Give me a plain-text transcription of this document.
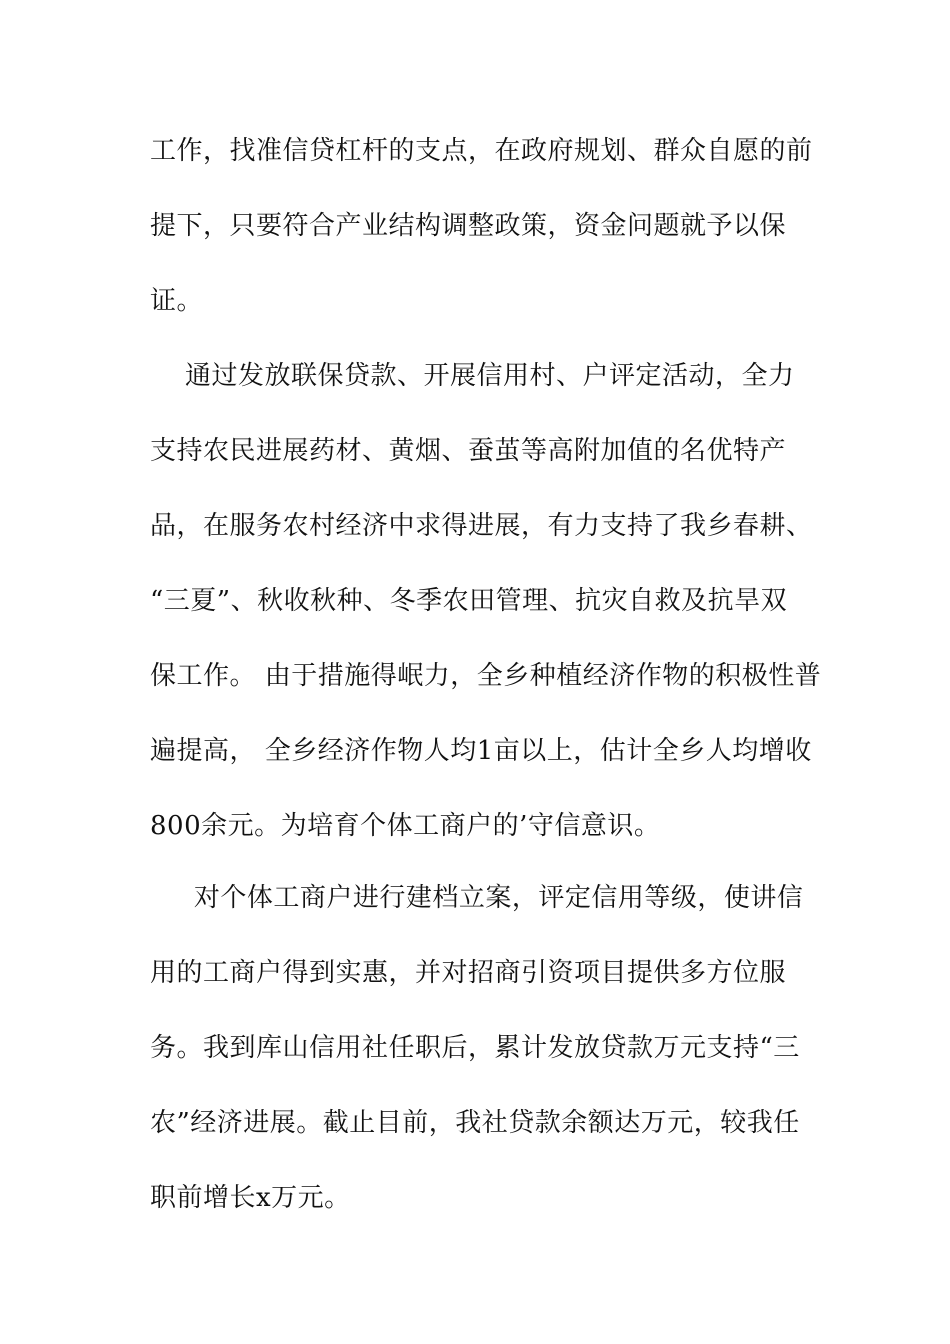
工作，找准信贷杠杆的支点，在政府规划、群众自愿的前
提下，只要符合产业结构调整政策，资金问题就予以保
证。
通过发放联保贷款、开展信用村、户评定活动，全力
支持农民进展药材、黄烟、蚕茧等高附加值的名优特产
品，在服务农村经济中求得进展，有力支持了我乡春耕、
“三夏”、秋收秋种、冬季农田管理、抗灾自救及抗旱双
保工作。 由于措施得岷力，全乡种植经济作物的积极性普
遍提高， 全乡经济作物人均1亩以上，估计全乡人均增收
800余元。为培育个体工商户的’守信意识。
对个体工商户进行建档立案，评定信用等级，使讲信
用的工商户得到实惠，并对招商引资项目提供多方位服
务。我到库山信用社任职后，累计发放贷款万元支持“三
农”经济进展。截止目前，我社贷款余额达万元，较我任
职前增长x万元。
